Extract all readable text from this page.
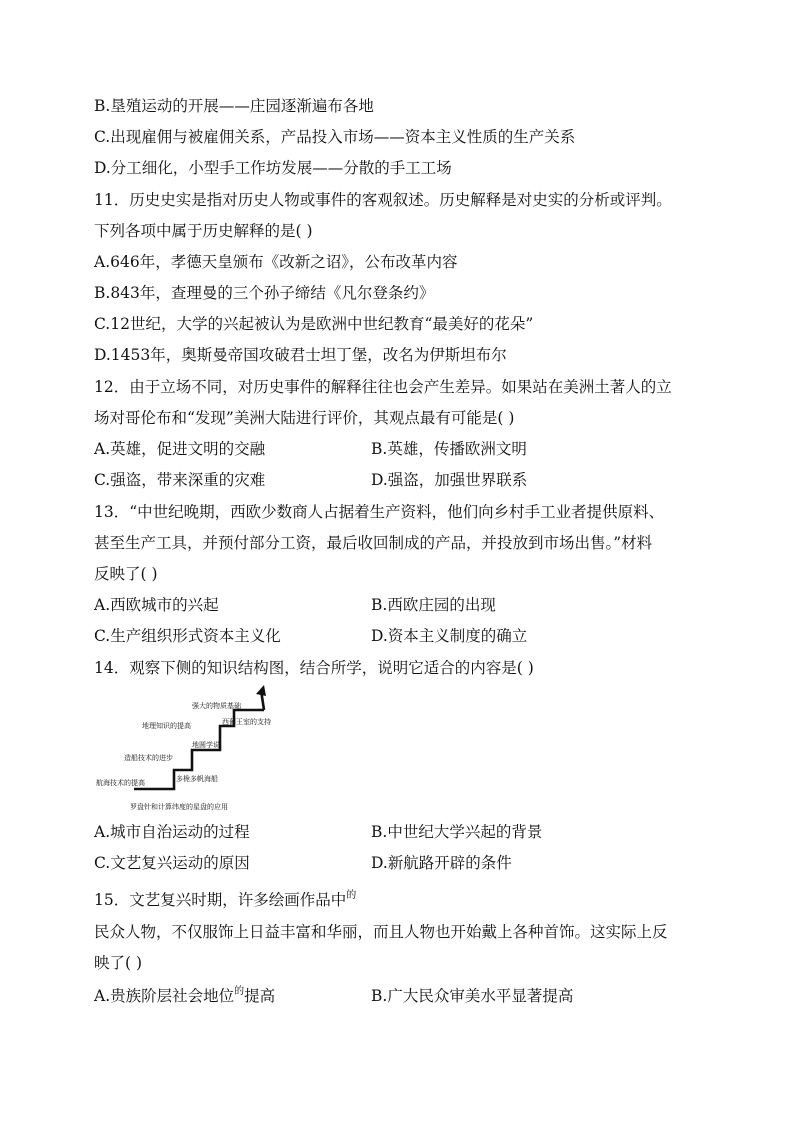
B.垦殖运动的开展——庄园逐渐遍布各地
C.出现雇佣与被雇佣关系，产品投入市场——资本主义性质的生产关系
D.分工细化，小型手工作坊发展——分散的手工工场
11．历史史实是指对历史人物或事件的客观叙述。历史解释是对史实的分析或评判。
下列各项中属于历史解释的是( )
A.646年，孝德天皇颁布《改新之诏》，公布改革内容
B.843年，查理曼的三个孙子缔结《凡尔登条约》
C.12世纪，大学的兴起被认为是欧洲中世纪教育“最美好的花朵”
D.1453年，奥斯曼帝国攻破君士坦丁堡，改名为伊斯坦布尔
12．由于立场不同，对历史事件的解释往往也会产生差异。如果站在美洲土著人的立
场对哥伦布和“发现”美洲大陆进行评价，其观点最有可能是( )
A.英雄，促进文明的交融	B.英雄，传播欧洲文明
C.强盗，带来深重的灾难	D.强盗，加强世界联系
13．“中世纪晚期，西欧少数商人占据着生产资料，他们向乡村手工业者提供原料、
甚至生产工具，并预付部分工资，最后收回制成的产品，并投放到市场出售。”材料
反映了( )
A.西欧城市的兴起	B.西欧庄园的出现
C.生产组织形式资本主义化	D.资本主义制度的确立
14．观察下侧的知识结构图，结合所学，说明它适合的内容是( )
强大的物质基础
地理知识的提高	西葡王室的支持
造船技术的进步
地圆学说
航海技术的提高	多桅多帆海船
罗盘针和计算纬度的星盘的应用
A.城市自治运动的过程	B.中世纪大学兴起的背景
C.文艺复兴运动的原因	D.新航路开辟的条件
15．文艺复兴时期，许多绘画作品中$^的$
民众人物，不仅服饰上日益丰富和华丽，而且人物也开始戴上各种首饰。这实际上反
映了( )
A.贵族阶层社会地位$^的$提高	B.广大民众审美水平显著提高
